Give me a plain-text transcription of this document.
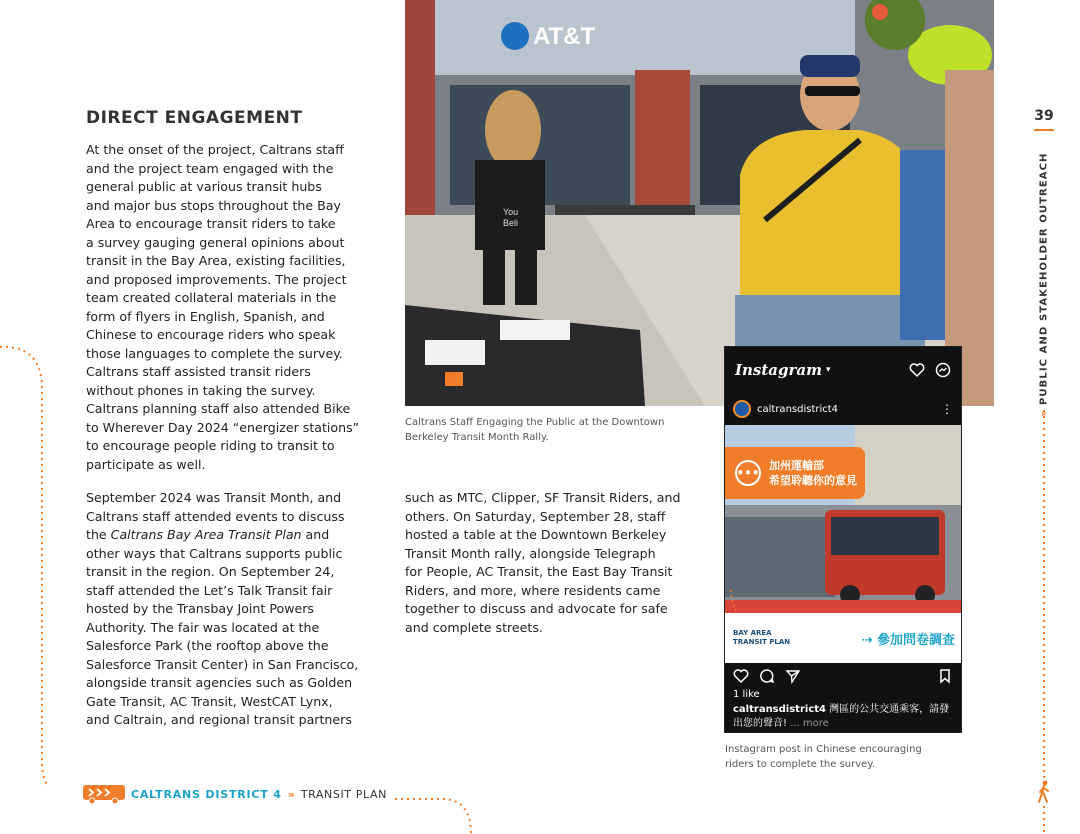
DIRECT ENGAGEMENT

At the onset of the project, Caltrans staff
and the project team engaged with the
general public at various transit hubs
and major bus stops throughout the Bay
Area to encourage transit riders to take
a survey gauging general opinions about
transit in the Bay Area, existing facilities,
and proposed improvements. The project
team created collateral materials in the
form of flyers in English, Spanish, and
Chinese to encourage riders who speak
those languages to complete the survey.
Caltrans staff assisted transit riders
without phones in taking the survey.
Caltrans planning staff also attended Bike
to Wherever Day 2024 “energizer stations”
to encourage people riding to transit to
participate as well.

September 2024 was Transit Month, and
Caltrans staff attended events to discuss
the Caltrans Bay Area Transit Plan and
other ways that Caltrans supports public
transit in the region. On September 24,
staff attended the Let’s Talk Transit fair
hosted by the Transbay Joint Powers
Authority. The fair was located at the
Salesforce Park (the rooftop above the
Salesforce Transit Center) in San Francisco,
alongside transit agencies such as Golden
Gate Transit, AC Transit, WestCAT Lynx,
and Caltrain, and regional transit partners

such as MTC, Clipper, SF Transit Riders, and
others. On Saturday, September 28, staff
hosted a table at the Downtown Berkeley
Transit Month rally, alongside Telegraph
for People, AC Transit, the East Bay Transit
Riders, and more, where residents came
together to discuss and advocate for safe
and complete streets.

AT&T
You Beli
Caltrans Staff Engaging the Public at the Downtown
Berkeley Transit Month Rally.
Instagram ▾
caltransdistrict4	⋮
•••
加州運輸部
希望聆聽你的意見
BAY AREA
TRANSIT PLAN	⇢ 參加問卷調查
1 like
caltransdistrict4 灣區的公共交通乘客，請發出您的聲音! ... more
Instagram post in Chinese encouraging
riders to complete the survey.
39
»

PUBLIC AND STAKEHOLDER OUTREACH
CALTRANS DISTRICT 4 » TRANSIT PLAN
